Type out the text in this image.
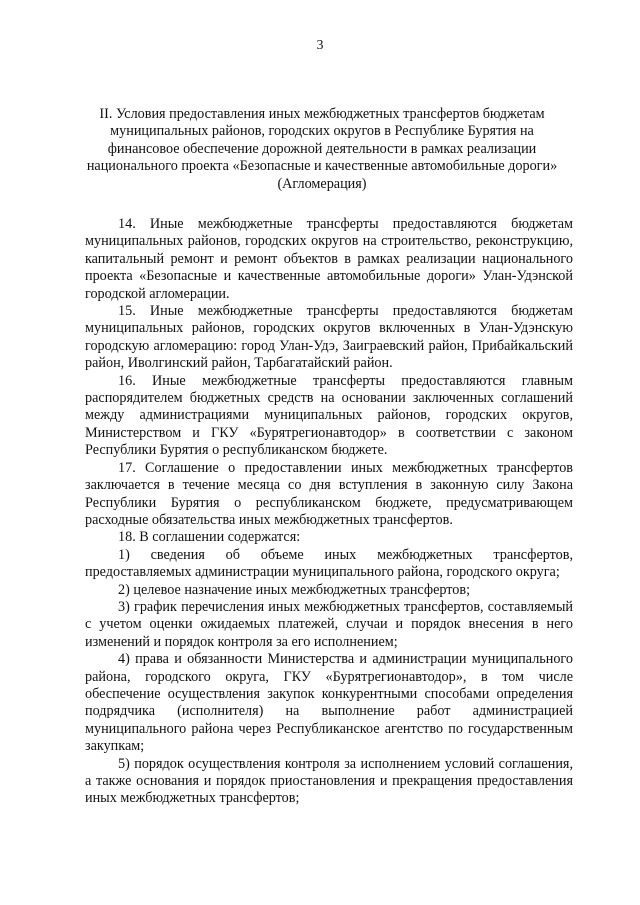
3
II. Условия предоставления иных межбюджетных трансфертов бюджетам муниципальных районов, городских округов в Республике Бурятия на финансовое обеспечение дорожной деятельности в рамках реализации национального проекта «Безопасные и качественные автомобильные дороги» (Агломерация)

14. Иные межбюджетные трансферты предоставляются бюджетам муниципальных районов, городских округов на строительство, реконструкцию, капитальный ремонт и ремонт объектов в рамках реализации национального проекта «Безопасные и качественные автомобильные дороги» Улан-Удэнской городской агломерации.

15. Иные межбюджетные трансферты предоставляются бюджетам муниципальных районов, городских округов включенных в Улан-Удэнскую городскую агломерацию: город Улан-Удэ, Заиграевский район, Прибайкальский район, Иволгинский район, Тарбагатайский район.

16. Иные межбюджетные трансферты предоставляются главным распорядителем бюджетных средств на основании заключенных соглашений между администрациями муниципальных районов, городских округов, Министерством и ГКУ «Бурятрегионавтодор» в соответствии с законом Республики Бурятия о республиканском бюджете.

17. Соглашение о предоставлении иных межбюджетных трансфертов заключается в течение месяца со дня вступления в законную силу Закона Республики Бурятия о республиканском бюджете, предусматривающем расходные обязательства иных межбюджетных трансфертов.

18. В соглашении содержатся:

1) сведения об объеме иных межбюджетных трансфертов, предоставляемых администрации муниципального района, городского округа;

2) целевое назначение иных межбюджетных трансфертов;

3) график перечисления иных межбюджетных трансфертов, составляемый с учетом оценки ожидаемых платежей, случаи и порядок внесения в него изменений и порядок контроля за его исполнением;

4) права и обязанности Министерства и администрации муниципального района, городского округа, ГКУ «Бурятрегионавтодор», в том числе обеспечение осуществления закупок конкурентными способами определения подрядчика (исполнителя) на выполнение работ администрацией муниципального района через Республиканское агентство по государственным закупкам;

5) порядок осуществления контроля за исполнением условий соглашения, а также основания и порядок приостановления и прекращения предоставления иных межбюджетных трансфертов;
